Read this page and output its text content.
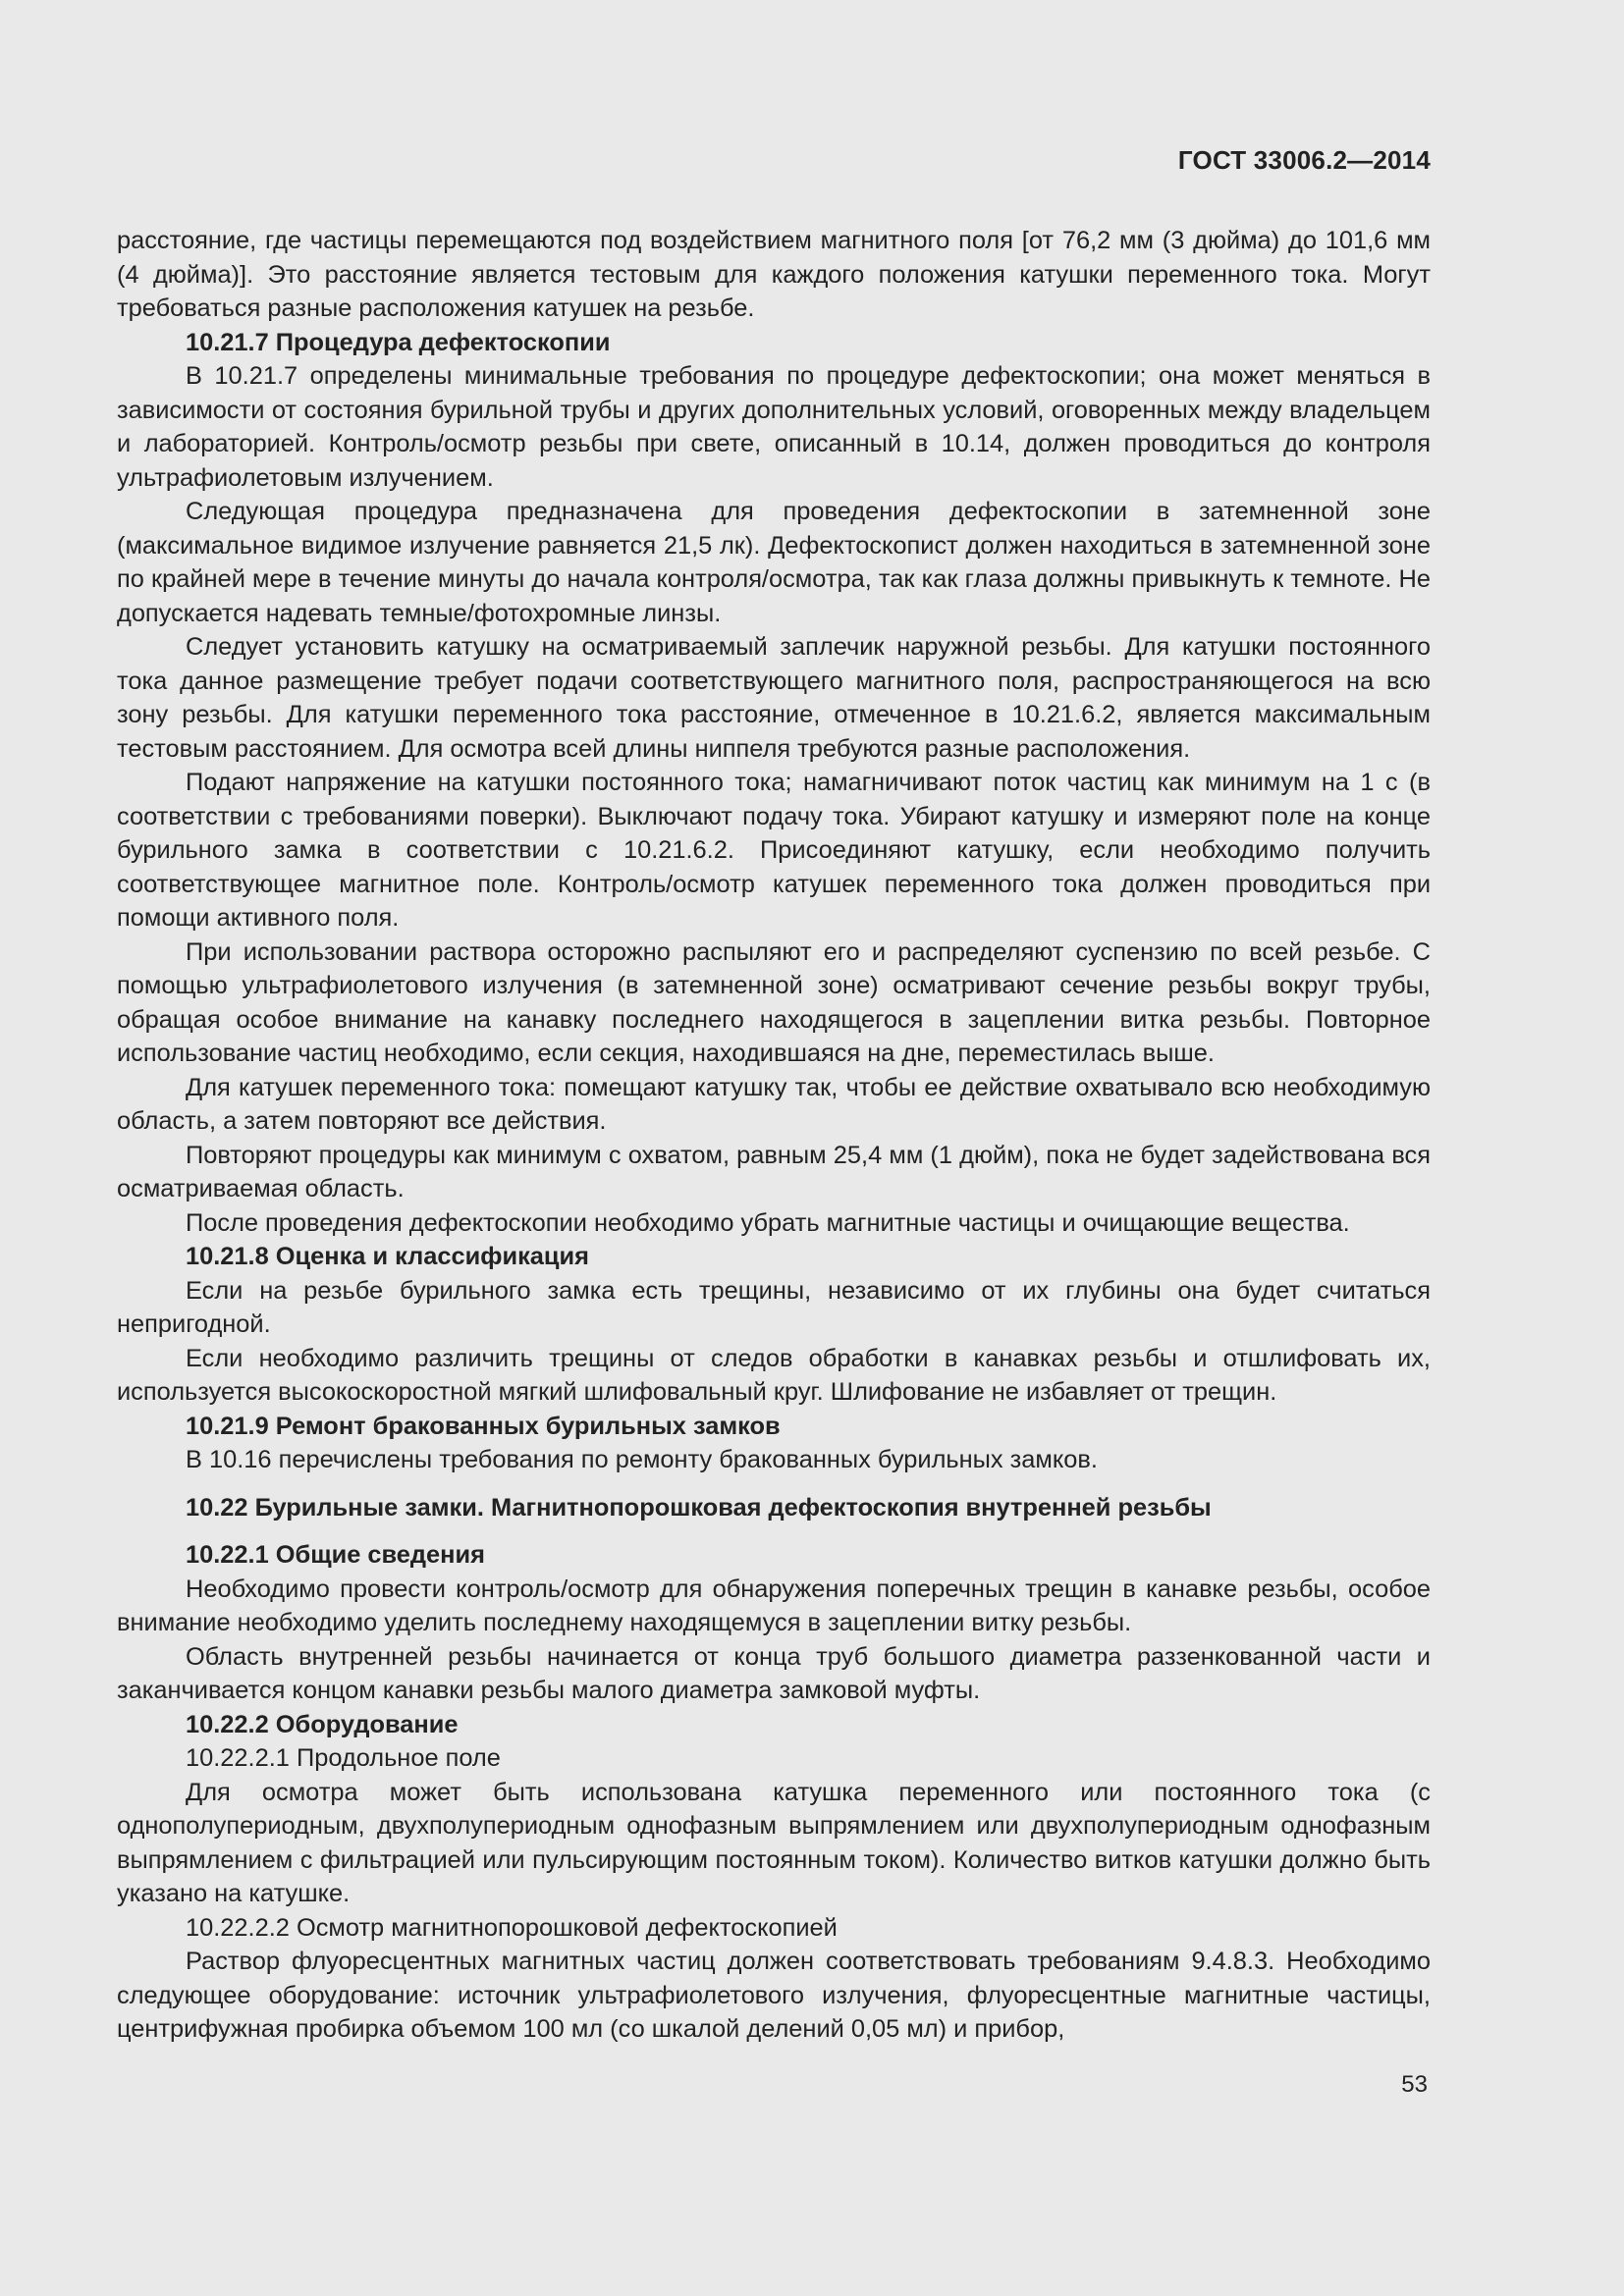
ГОСТ 33006.2—2014

расстояние, где частицы перемещаются под воздействием магнитного поля [от 76,2 мм (3 дюйма) до 101,6 мм (4 дюйма)]. Это расстояние является тестовым для каждого положения катушки переменного тока. Могут требоваться разные расположения катушек на резьбе.

10.21.7 Процедура дефектоскопии

В 10.21.7 определены минимальные требования по процедуре дефектоскопии; она может меняться в зависимости от состояния бурильной трубы и других дополнительных условий, оговоренных между владельцем и лабораторией. Контроль/осмотр резьбы при свете, описанный в 10.14, должен проводиться до контроля ультрафиолетовым излучением.

Следующая процедура предназначена для проведения дефектоскопии в затемненной зоне (максимальное видимое излучение равняется 21,5 лк). Дефектоскопист должен находиться в затемненной зоне по крайней мере в течение минуты до начала контроля/осмотра, так как глаза должны привыкнуть к темноте. Не допускается надевать темные/фотохромные линзы.

Следует установить катушку на осматриваемый заплечик наружной резьбы. Для катушки постоянного тока данное размещение требует подачи соответствующего магнитного поля, распространяющегося на всю зону резьбы. Для катушки переменного тока расстояние, отмеченное в 10.21.6.2, является максимальным тестовым расстоянием. Для осмотра всей длины ниппеля требуются разные расположения.

Подают напряжение на катушки постоянного тока; намагничивают поток частиц как минимум на 1 с (в соответствии с требованиями поверки). Выключают подачу тока. Убирают катушку и измеряют поле на конце бурильного замка в соответствии с 10.21.6.2. Присоединяют катушку, если необходимо получить соответствующее магнитное поле. Контроль/осмотр катушек переменного тока должен проводиться при помощи активного поля.

При использовании раствора осторожно распыляют его и распределяют суспензию по всей резьбе. С помощью ультрафиолетового излучения (в затемненной зоне) осматривают сечение резьбы вокруг трубы, обращая особое внимание на канавку последнего находящегося в зацеплении витка резьбы. Повторное использование частиц необходимо, если секция, находившаяся на дне, переместилась выше.

Для катушек переменного тока: помещают катушку так, чтобы ее действие охватывало всю необходимую область, а затем повторяют все действия.

Повторяют процедуры как минимум с охватом, равным 25,4 мм (1 дюйм), пока не будет задействована вся осматриваемая область.

После проведения дефектоскопии необходимо убрать магнитные частицы и очищающие вещества.

10.21.8 Оценка и классификация

Если на резьбе бурильного замка есть трещины, независимо от их глубины она будет считаться непригодной.

Если необходимо различить трещины от следов обработки в канавках резьбы и отшлифовать их, используется высокоскоростной мягкий шлифовальный круг. Шлифование не избавляет от трещин.

10.21.9 Ремонт бракованных бурильных замков

В 10.16 перечислены требования по ремонту бракованных бурильных замков.

10.22 Бурильные замки. Магнитнопорошковая дефектоскопия внутренней резьбы

10.22.1 Общие сведения

Необходимо провести контроль/осмотр для обнаружения поперечных трещин в канавке резьбы, особое внимание необходимо уделить последнему находящемуся в зацеплении витку резьбы.

Область внутренней резьбы начинается от конца труб большого диаметра раззенкованной части и заканчивается концом канавки резьбы малого диаметра замковой муфты.

10.22.2 Оборудование

10.22.2.1 Продольное поле

Для осмотра может быть использована катушка переменного или постоянного тока (с однополупериодным, двухполупериодным однофазным выпрямлением или двухполупериодным однофазным выпрямлением с фильтрацией или пульсирующим постоянным током). Количество витков катушки должно быть указано на катушке.

10.22.2.2 Осмотр магнитнопорошковой дефектоскопией

Раствор флуоресцентных магнитных частиц должен соответствовать требованиям 9.4.8.3. Необходимо следующее оборудование: источник ультрафиолетового излучения, флуоресцентные магнитные частицы, центрифужная пробирка объемом 100 мл (со шкалой делений 0,05 мл) и прибор,

53
